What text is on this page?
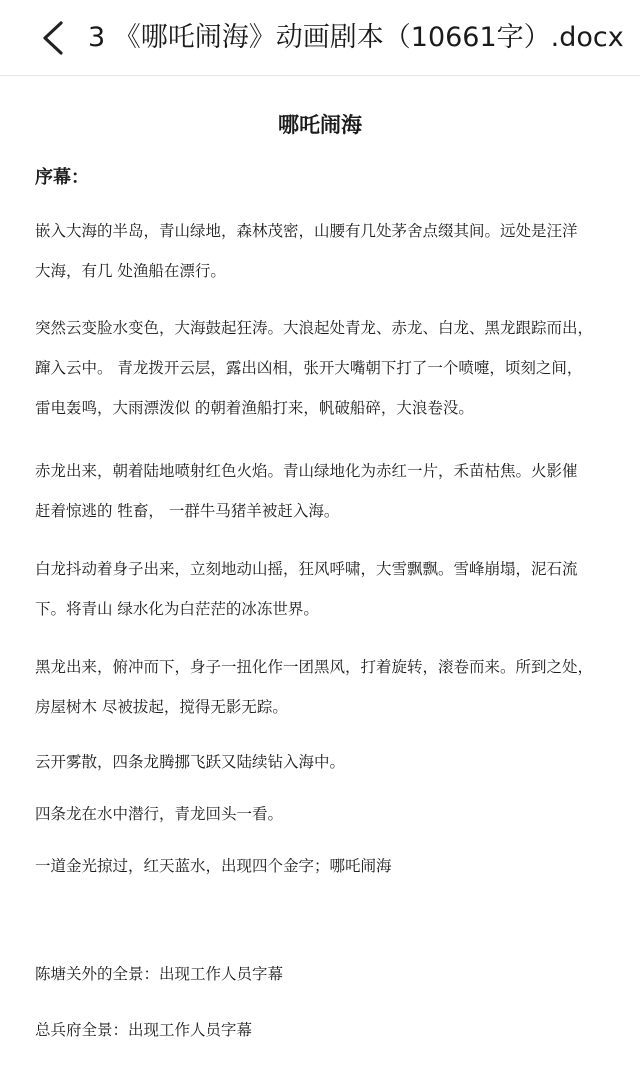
3 《哪吒闹海》动画剧本（10661字）.docx
哪吒闹海
序幕：
嵌入大海的半岛，青山绿地，森林茂密，山腰有几处茅舍点缀其间。远处是汪洋
大海，有几 处渔船在漂行。
突然云变脸水变色，大海鼓起狂涛。大浪起处青龙、赤龙、白龙、黑龙跟踪而出，
蹿入云中。 青龙拨开云层，露出凶相，张开大嘴朝下打了一个喷嚏，顷刻之间，
雷电轰鸣，大雨漂泼似 的朝着渔船打来，帆破船碎，大浪卷没。
赤龙出来，朝着陆地喷射红色火焰。青山绿地化为赤红一片，禾苗枯焦。火影催
赶着惊逃的 牲畜， 一群牛马猪羊被赶入海。
白龙抖动着身子出来，立刻地动山摇，狂风呼啸，大雪飘飘。雪峰崩塌，泥石流
下。将青山 绿水化为白茫茫的冰冻世界。
黑龙出来，俯冲而下，身子一扭化作一团黑风，打着旋转，滚卷而来。所到之处，
房屋树木 尽被拔起，搅得无影无踪。
云开雾散，四条龙腾挪飞跃又陆续钻入海中。
四条龙在水中潜行，青龙回头一看。
一道金光掠过，红天蓝水，出现四个金字；哪吒闹海
陈塘关外的全景：出现工作人员字幕
总兵府全景：出现工作人员字幕
